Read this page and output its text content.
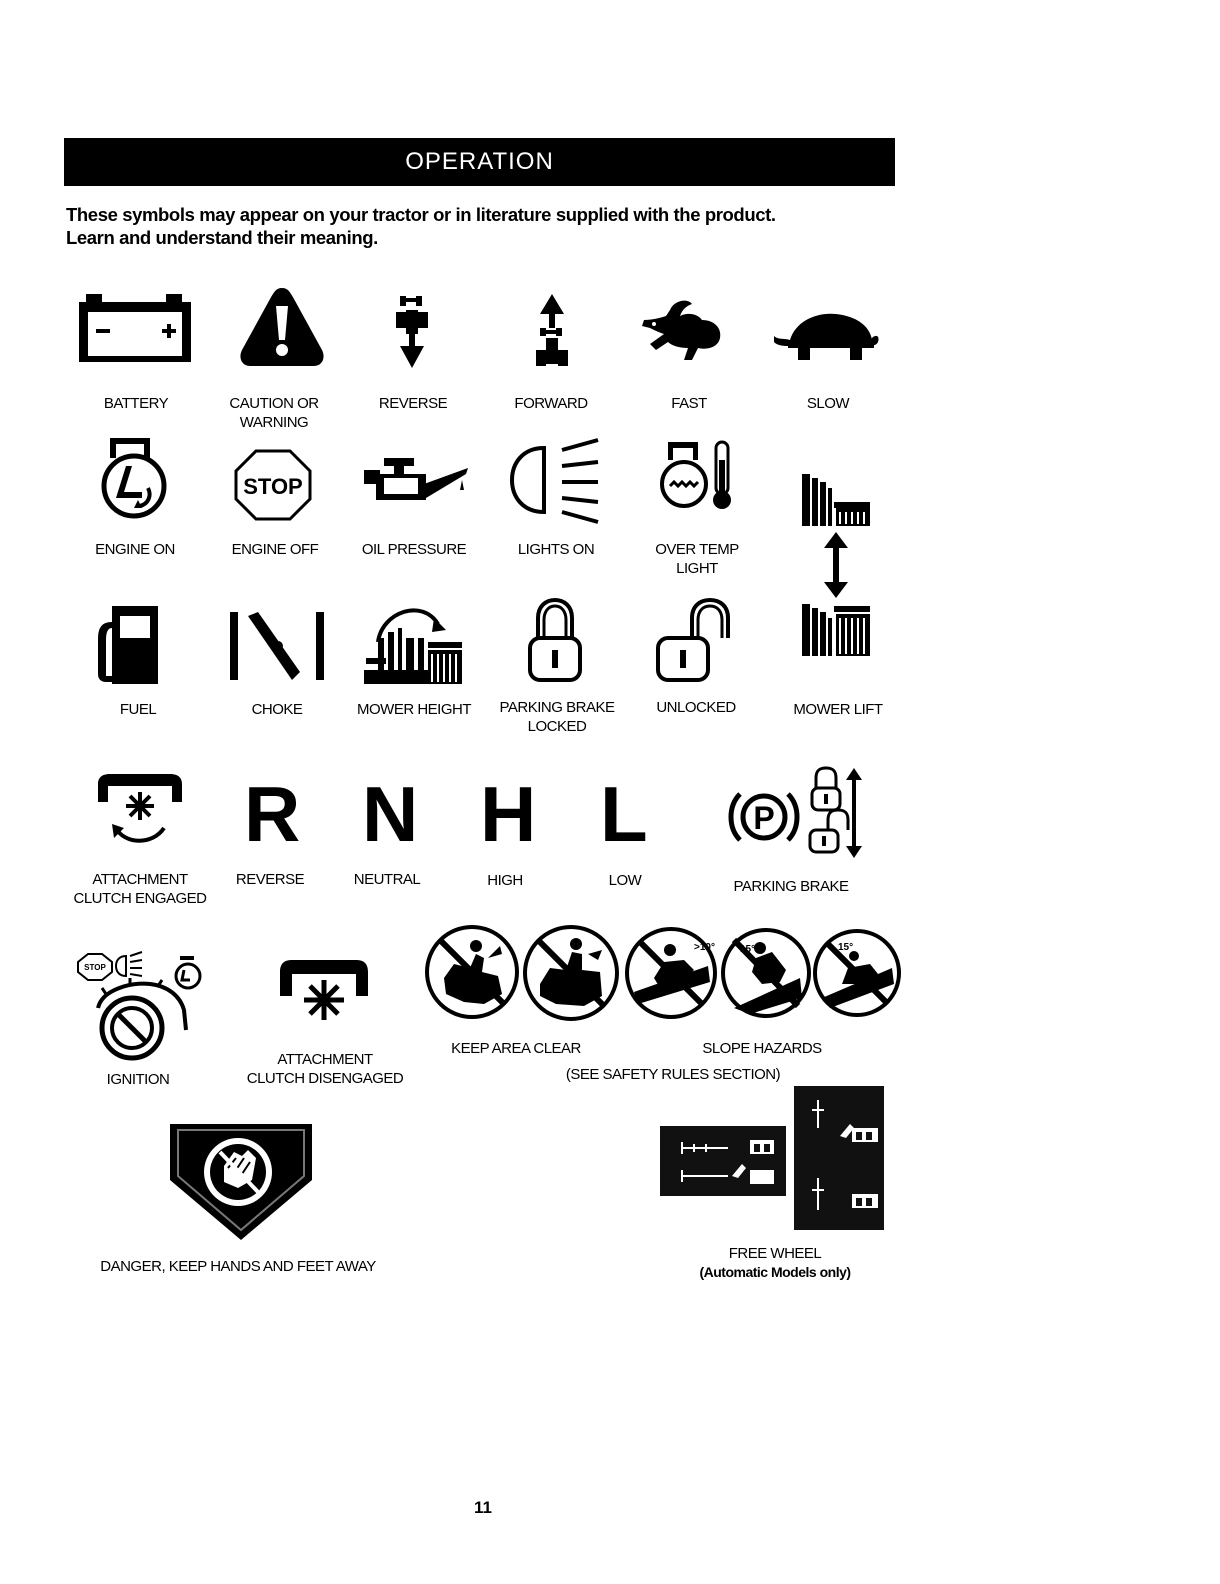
OPERATION
These symbols may appear on your tractor or in literature supplied with the product.
Learn and understand their meaning.
BATTERY	CAUTION OR
WARNING
REVERSE	FORWARD	FAST	SLOW
STOP
ENGINE ON	ENGINE OFF	OIL PRESSURE	LIGHTS ON	OVER TEMP
LIGHT
FUEL	CHOKE	MOWER HEIGHT	PARKING BRAKE
LOCKED
UNLOCKED	MOWER LIFT
R N H L	P
ATTACHMENT
CLUTCH ENGAGED
REVERSE	NEUTRAL	HIGH	LOW	PARKING BRAKE
STOP
>10°	15°	15°
IGNITION
ATTACHMENT
CLUTCH DISENGAGED
KEEP AREA CLEAR	SLOPE HAZARDS
(SEE SAFETY RULES SECTION)
DANGER, KEEP HANDS AND FEET AWAY
FREE WHEEL
(Automatic Models only)
11
